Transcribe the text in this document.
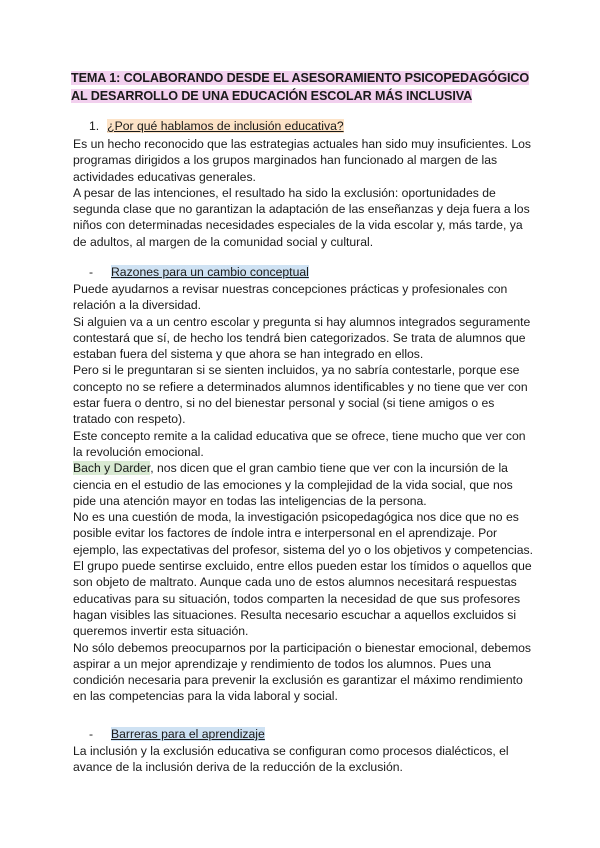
TEMA 1: COLABORANDO DESDE EL ASESORAMIENTO PSICOPEDAGÓGICO
AL DESARROLLO DE UNA EDUCACIÓN ESCOLAR MÁS INCLUSIVA
1. ¿Por qué hablamos de inclusión educativa?

Es un hecho reconocido que las estrategias actuales han sido muy insuficientes. Los programas dirigidos a los grupos marginados han funcionado al margen de las actividades educativas generales.

A pesar de las intenciones, el resultado ha sido la exclusión: oportunidades de segunda clase que no garantizan la adaptación de las enseñanzas y deja fuera a los niños con determinadas necesidades especiales de la vida escolar y, más tarde, ya de adultos, al margen de la comunidad social y cultural.

- Razones para un cambio conceptual

Puede ayudarnos a revisar nuestras concepciones prácticas y profesionales con relación a la diversidad.

Si alguien va a un centro escolar y pregunta si hay alumnos integrados seguramente contestará que sí, de hecho los tendrá bien categorizados. Se trata de alumnos que estaban fuera del sistema y que ahora se han integrado en ellos.

Pero si le preguntaran si se sienten incluidos, ya no sabría contestarle, porque ese concepto no se refiere a determinados alumnos identificables y no tiene que ver con estar fuera o dentro, si no del bienestar personal y social (si tiene amigos o es tratado con respeto).

Este concepto remite a la calidad educativa que se ofrece, tiene mucho que ver con la revolución emocional.

Bach y Darder, nos dicen que el gran cambio tiene que ver con la incursión de la ciencia en el estudio de las emociones y la complejidad de la vida social, que nos pide una atención mayor en todas las inteligencias de la persona.

No es una cuestión de moda, la investigación psicopedagógica nos dice que no es posible evitar los factores de índole intra e interpersonal en el aprendizaje. Por ejemplo, las expectativas del profesor, sistema del yo o los objetivos y competencias.

El grupo puede sentirse excluido, entre ellos pueden estar los tímidos o aquellos que son objeto de maltrato. Aunque cada uno de estos alumnos necesitará respuestas educativas para su situación, todos comparten la necesidad de que sus profesores hagan visibles las situaciones. Resulta necesario escuchar a aquellos excluidos si queremos invertir esta situación.

No sólo debemos preocuparnos por la participación o bienestar emocional, debemos aspirar a un mejor aprendizaje y rendimiento de todos los alumnos. Pues una condición necesaria para prevenir la exclusión es garantizar el máximo rendimiento en las competencias para la vida laboral y social.

- Barreras para el aprendizaje

La inclusión y la exclusión educativa se configuran como procesos dialécticos, el avance de la inclusión deriva de la reducción de la exclusión.
